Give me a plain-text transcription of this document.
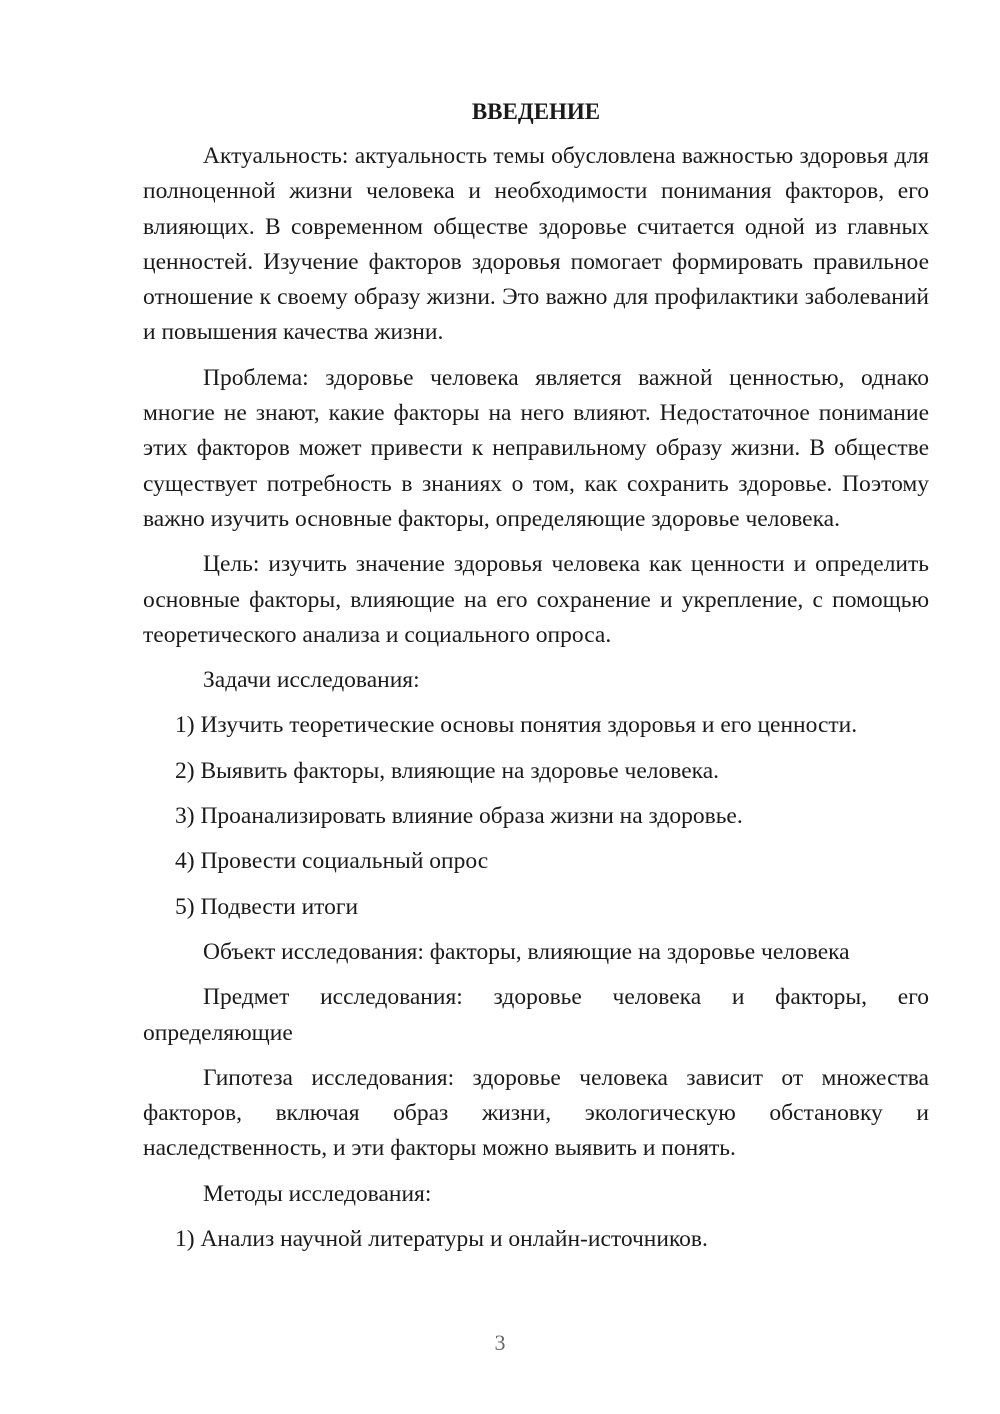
ВВЕДЕНИЕ

Актуальность: актуальность темы обусловлена важностью здоровья для полноценной жизни человека и необходимости понимания факторов, его влияющих. В современном обществе здоровье считается одной из главных ценностей. Изучение факторов здоровья помогает формировать правильное отношение к своему образу жизни. Это важно для профилактики заболеваний и повышения качества жизни.

Проблема: здоровье человека является важной ценностью, однако многие не знают, какие факторы на него влияют. Недостаточное понимание этих факторов может привести к неправильному образу жизни. В обществе существует потребность в знаниях о том, как сохранить здоровье. Поэтому важно изучить основные факторы, определяющие здоровье человека.

Цель: изучить значение здоровья человека как ценности и определить основные факторы, влияющие на его сохранение и укрепление, с помощью теоретического анализа и социального опроса.

Задачи исследования:

1) Изучить теоретические основы понятия здоровья и его ценности.

2) Выявить факторы, влияющие на здоровье человека.

3) Проанализировать влияние образа жизни на здоровье.

4) Провести социальный опрос

5) Подвести итоги

Объект исследования: факторы, влияющие на здоровье человека

Предмет исследования: здоровье человека и факторы, его определяющие

Гипотеза исследования: здоровье человека зависит от множества факторов, включая образ жизни, экологическую обстановку и наследственность, и эти факторы можно выявить и понять.

Методы исследования:

1) Анализ научной литературы и онлайн-источников.

3
